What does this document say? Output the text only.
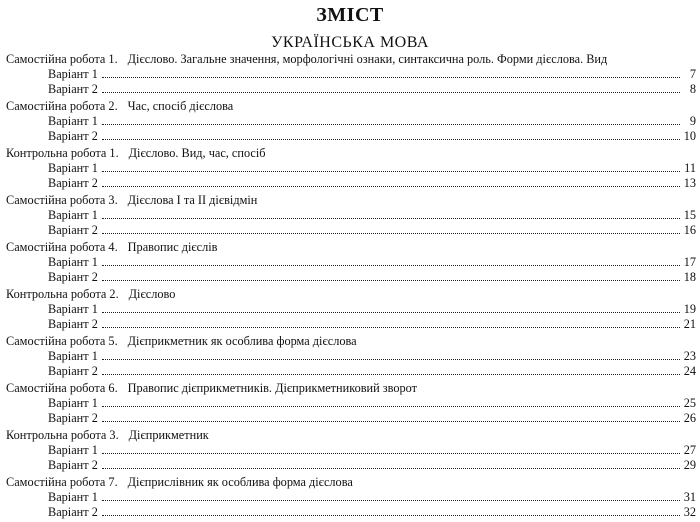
ЗМІСТ
УКРАЇНСЬКА МОВА
Самостійна робота 1. Дієслово. Загальне значення, морфологічні ознаки, синтаксична роль. Форми дієслова. Вид
Варіант 1	7
Варіант 2	8
Самостійна робота 2. Час, спосіб дієслова
Варіант 1	9
Варіант 2	10
Контрольна робота 1. Дієслово. Вид, час, спосіб
Варіант 1	11
Варіант 2	13
Самостійна робота 3. Дієслова I та II дієвідмін
Варіант 1	15
Варіант 2	16
Самостійна робота 4. Правопис дієслів
Варіант 1	17
Варіант 2	18
Контрольна робота 2. Дієслово
Варіант 1	19
Варіант 2	21
Самостійна робота 5. Дієприкметник як особлива форма дієслова
Варіант 1	23
Варіант 2	24
Самостійна робота 6. Правопис дієприкметників. Дієприкметниковий зворот
Варіант 1	25
Варіант 2	26
Контрольна робота 3. Дієприкметник
Варіант 1	27
Варіант 2	29
Самостійна робота 7. Дієприслівник як особлива форма дієслова
Варіант 1	31
Варіант 2	32
